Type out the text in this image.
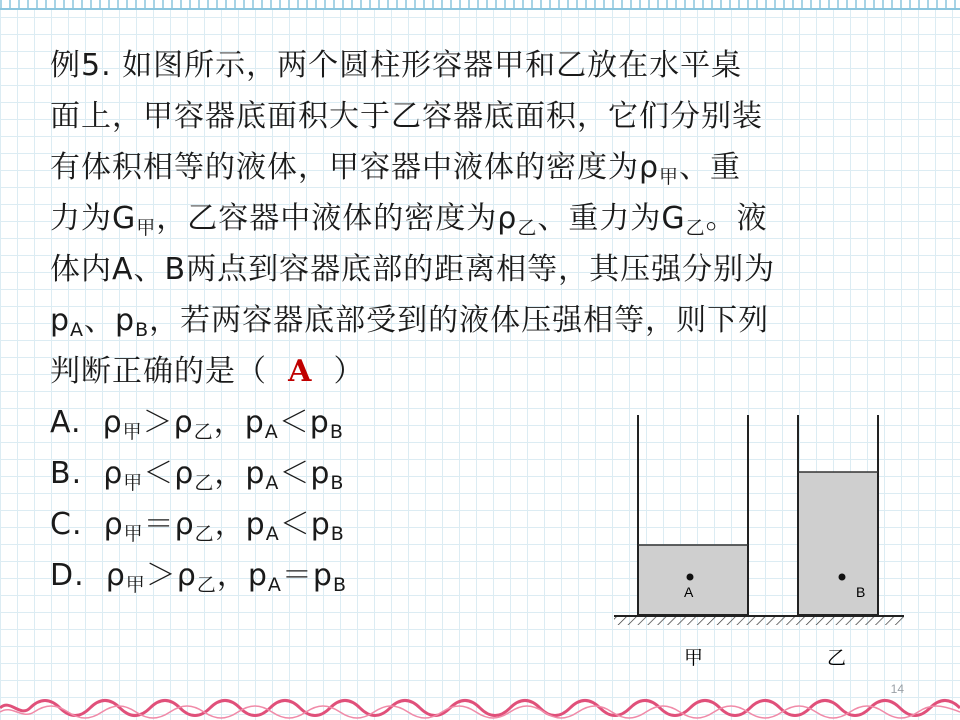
例5. 如图所示，两个圆柱形容器甲和乙放在水平桌

面上，甲容器底面积大于乙容器底面积，它们分别装

有体积相等的液体，甲容器中液体的密度为$\rho_甲$、重

力为$G_甲$，乙容器中液体的密度为$\rho_乙$、重力为$G_乙$。液

体内A、B两点到容器底部的距离相等，其压强分别为

$p_A$、$p_B$，若两容器底部受到的液体压强相等，则下列

判断正确的是（ A ）

A. $\rho_甲>\rho_乙$，$p_A<p_B$

B. $\rho_甲<\rho_乙$，$p_A<p_B$

C. $\rho_甲=\rho_乙$，$p_A<p_B$

D. $\rho_甲>\rho_乙$，$p_A=p_B$	A	B
甲	乙
14
